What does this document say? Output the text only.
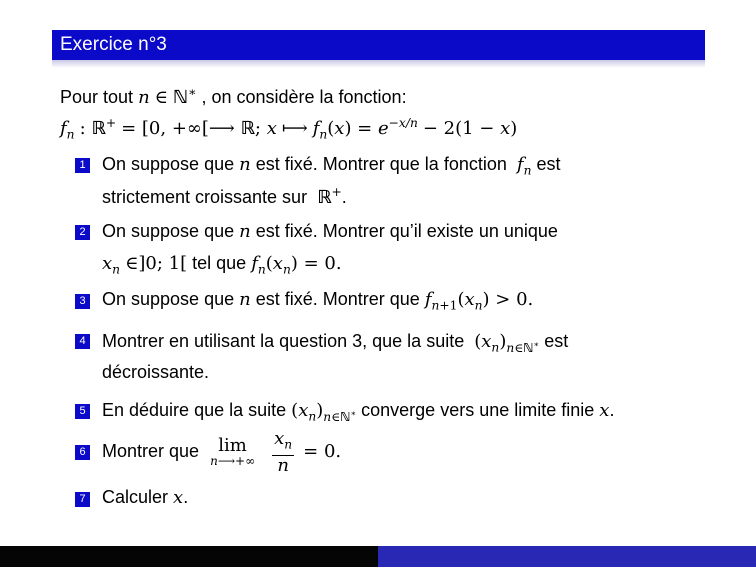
Exercice n°3
Pour tout n ∈ ℕ∗ , on considère la fonction:
$f_n$ : ℝ+ = [0, +∞[⟶ ℝ; x ⟼ $f_n(x) = e^{-x/n} - 2(1 - x)$
1 On suppose que n est fixé. Montrer que la fonction $f_n$ est
strictement croissante sur ℝ+.
2 On suppose que n est fixé. Montrer qu’il existe un unique
$x_n$ ∈]0; 1[ tel que $f_n(x_n) = 0$.
3 On suppose que n est fixé. Montrer que $f_{n+1}(x_n) > 0$.
4 Montrer en utilisant la question 3, que la suite $(x_n)_{n\in ℕ^∗}$ est
décroissante.
5 En déduire que la suite $(x_n)_{n\in ℕ^∗}$ converge vers une limite finie x.
6 Montrer que	lim
n⟶+∞
$\frac{x_n}{n} = 0$.
7 Calculer x.
